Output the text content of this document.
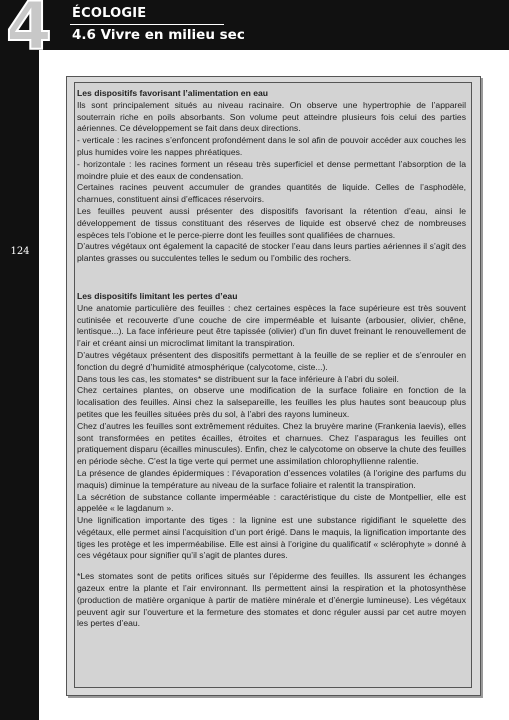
4 ÉCOLOGIE
4.6 Vivre en milieu sec
124

Les dispositifs favorisant l’alimentation en eau

Ils sont principalement situés au niveau racinaire. On observe une hypertrophie de l’appareil souterrain riche en poils absorbants. Son volume peut atteindre plusieurs fois celui des parties aériennes. Ce développement se fait dans deux directions.

- verticale : les racines s’enfoncent profondément dans le sol afin de pouvoir accéder aux couches les plus humides voire les nappes phréatiques.

- horizontale : les racines forment un réseau très superficiel et dense permettant l’absorption de la moindre pluie et des eaux de condensation.

Certaines racines peuvent accumuler de grandes quantités de liquide. Celles de l’asphodèle, charnues, constituent ainsi d’efficaces réservoirs.

Les feuilles peuvent aussi présenter des dispositifs favorisant la rétention d’eau, ainsi le développement de tissus constituant des réserves de liquide est observé chez de nombreuses espèces tels l’obione et le perce-pierre dont les feuilles sont qualifiées de charnues.

D’autres végétaux ont également la capacité de stocker l’eau dans leurs parties aériennes il s’agit des plantes grasses ou succulentes telles le sedum ou l’ombilic des rochers.

Les dispositifs limitant les pertes d’eau

Une anatomie particulière des feuilles : chez certaines espèces la face supérieure est très souvent cutinisée et recouverte d’une couche de cire imperméable et luisante (arbousier, olivier, chêne, lentisque...). La face inférieure peut être tapissée (olivier) d’un fin duvet freinant le renouvellement de l’air et créant ainsi un microclimat limitant la transpiration.

D’autres végétaux présentent des dispositifs permettant à la feuille de se replier et de s’enrouler en fonction du degré d’humidité atmosphérique (calycotome, ciste...).

Dans tous les cas, les stomates* se distribuent sur la face inférieure à l’abri du soleil.

Chez certaines plantes, on observe une modification de la surface foliaire en fonction de la localisation des feuilles. Ainsi chez la salsepareille, les feuilles les plus hautes sont beaucoup plus petites que les feuilles situées près du sol, à l’abri des rayons lumineux.

Chez d’autres les feuilles sont extrêmement réduites. Chez la bruyère marine (Frankenia laevis), elles sont transformées en petites écailles, étroites et charnues. Chez l’asparagus les feuilles ont pratiquement disparu (écailles minuscules). Enfin, chez le calycotome on observe la chute des feuilles en période sèche. C’est la tige verte qui permet une assimilation chlorophyllienne ralentie.

La présence de glandes épidermiques : l’évaporation d’essences volatiles (à l’origine des parfums du maquis) diminue la température au niveau de la surface foliaire et ralentit la transpiration.

La sécrétion de substance collante imperméable : caractéristique du ciste de Montpellier, elle est appelée « le lagdanum ».

Une lignification importante des tiges : la lignine est une substance rigidifiant le squelette des végétaux, elle permet ainsi l’acquisition d’un port érigé. Dans le maquis, la lignification importante des tiges les protège et les imperméabilise. Elle est ainsi à l’origine du qualificatif « sclérophyte » donné à ces végétaux pour signifier qu’il s’agit de plantes dures.

*Les stomates sont de petits orifices situés sur l’épiderme des feuilles. Ils assurent les échanges gazeux entre la plante et l’air environnant. Ils permettent ainsi la respiration et la photosynthèse (production de matière organique à partir de matière minérale et d’énergie lumineuse). Les végétaux peuvent agir sur l’ouverture et la fermeture des stomates et donc réguler aussi par cet autre moyen les pertes d’eau.
